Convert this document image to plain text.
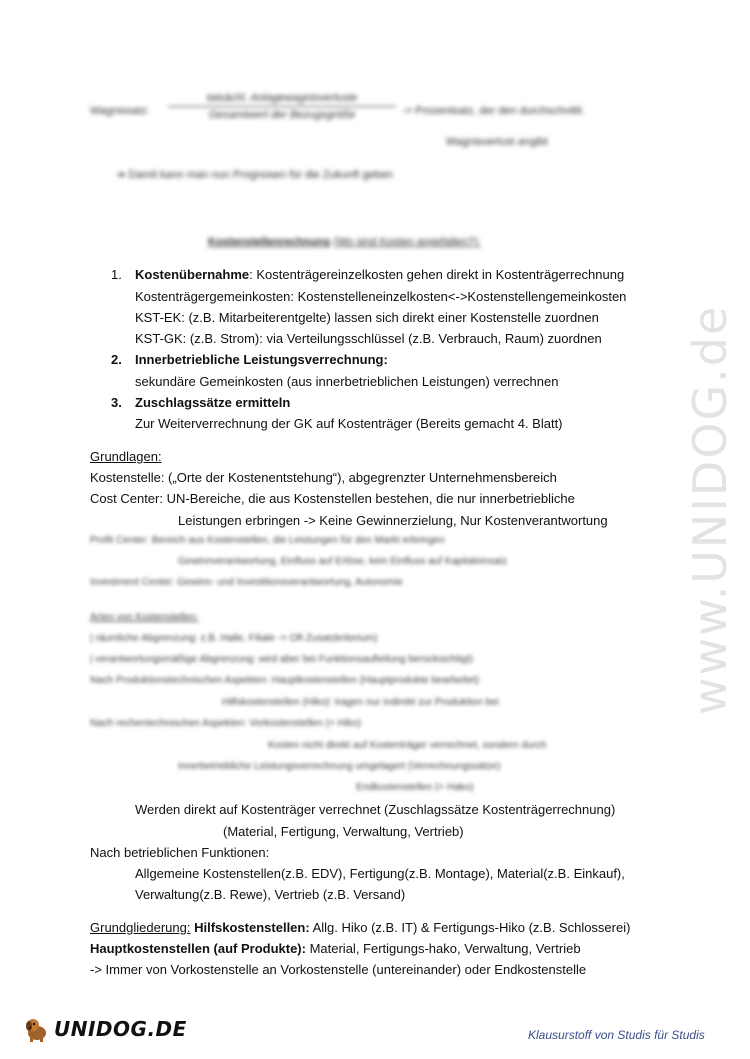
Wagnissatz:
tatsächl. Anlagewagnisverluste
Gesamtwert der Bezugsgröße	-> Prozentsatz, der den durchschnittl.
Wagnisverlust angibt
➔ Damit kann man nun Prognosen für die Zukunft geben
Kostenstellenrechnung (Wo sind Kosten angefallen?):
1. Kostenübernahme: Kostenträgereinzelkosten gehen direkt in Kostenträgerrechnung
Kostenträgergemeinkosten: Kostenstelleneinzelkosten<->Kostenstellengemeinkosten
KST-EK: (z.B. Mitarbeiterentgelte) lassen sich direkt einer Kostenstelle zuordnen
KST-GK: (z.B. Strom): via Verteilungsschlüssel (z.B. Verbrauch, Raum) zuordnen
2. Innerbetriebliche Leistungsverrechnung:
sekundäre Gemeinkosten (aus innerbetrieblichen Leistungen) verrechnen
3. Zuschlagssätze ermitteln
Zur Weiterverrechnung der GK auf Kostenträger (Bereits gemacht 4. Blatt)
Grundlagen:
Kostenstelle: („Orte der Kostenentstehung“), abgegrenzter Unternehmensbereich
Cost Center: UN-Bereiche, die aus Kostenstellen bestehen, die nur innerbetriebliche
Leistungen erbringen -> Keine Gewinnerzielung, Nur Kostenverantwortung
Profit Center: Bereich aus Kostenstellen, die Leistungen für den Markt erbringen
Gewinnverantwortung, Einfluss auf Erlöse, kein Einfluss auf Kapitaleinsatz
Investment Center: Gewinn- und Investitionsverantwortung, Autonomie
Arten von Kostenstellen:
| räumliche Abgrenzung: z.B. Halle, Filiale -> Oft Zusatzkriterium)
| verantwortungsmäßige Abgrenzung: wird aber bei Funktionsaufteilung berücksichtigt)
Nach Produktionstechnischen Aspekten: Hauptkostenstellen (Hauptprodukte bearbeitet)
Hilfskostenstellen (Hiko): tragen nur indirekt zur Produktion bei
Nach rechentechnischen Aspekten: Vorkostenstellen (= Hiko)
Kosten nicht direkt auf Kostenträger verrechnet, sondern durch
innerbetriebliche Leistungsverrechnung umgelagert (Verrechnungssätze)
Endkostenstellen (= Hako)
Werden direkt auf Kostenträger verrechnet (Zuschlagssätze Kostenträgerrechnung)
(Material, Fertigung, Verwaltung, Vertrieb)
Nach betrieblichen Funktionen:
Allgemeine Kostenstellen(z.B. EDV), Fertigung(z.B. Montage), Material(z.B. Einkauf),
Verwaltung(z.B. Rewe), Vertrieb (z.B. Versand)
Grundgliederung: Hilfskostenstellen: Allg. Hiko (z.B. IT) & Fertigungs-Hiko (z.B. Schlosserei)
Hauptkostenstellen (auf Produkte): Material, Fertigungs-hako, Verwaltung, Vertrieb
-> Immer von Vorkostenstelle an Vorkostenstelle (untereinander) oder Endkostenstelle
www.UNIDOG.de
UNIDOG.DE	Klausurstoff von Studis für Studis
